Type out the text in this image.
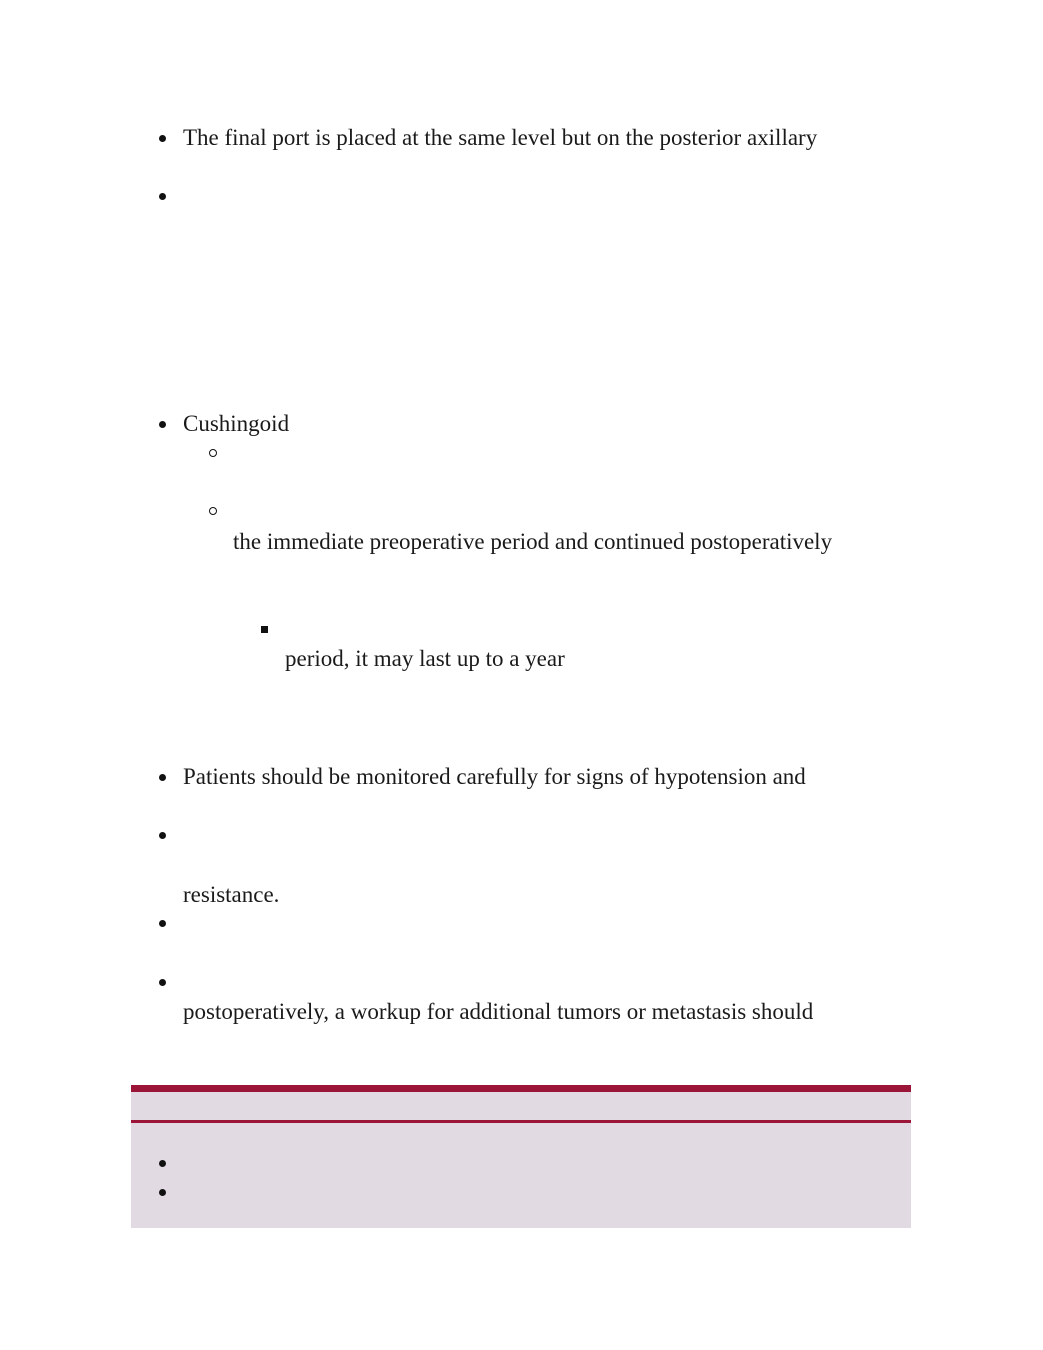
The final port is placed at the same level but on the posterior axillary
Cushingoid
the immediate preoperative period and continued postoperatively
period, it may last up to a year
Patients should be monitored carefully for signs of hypotension and
resistance.
postoperatively, a workup for additional tumors or metastasis should
